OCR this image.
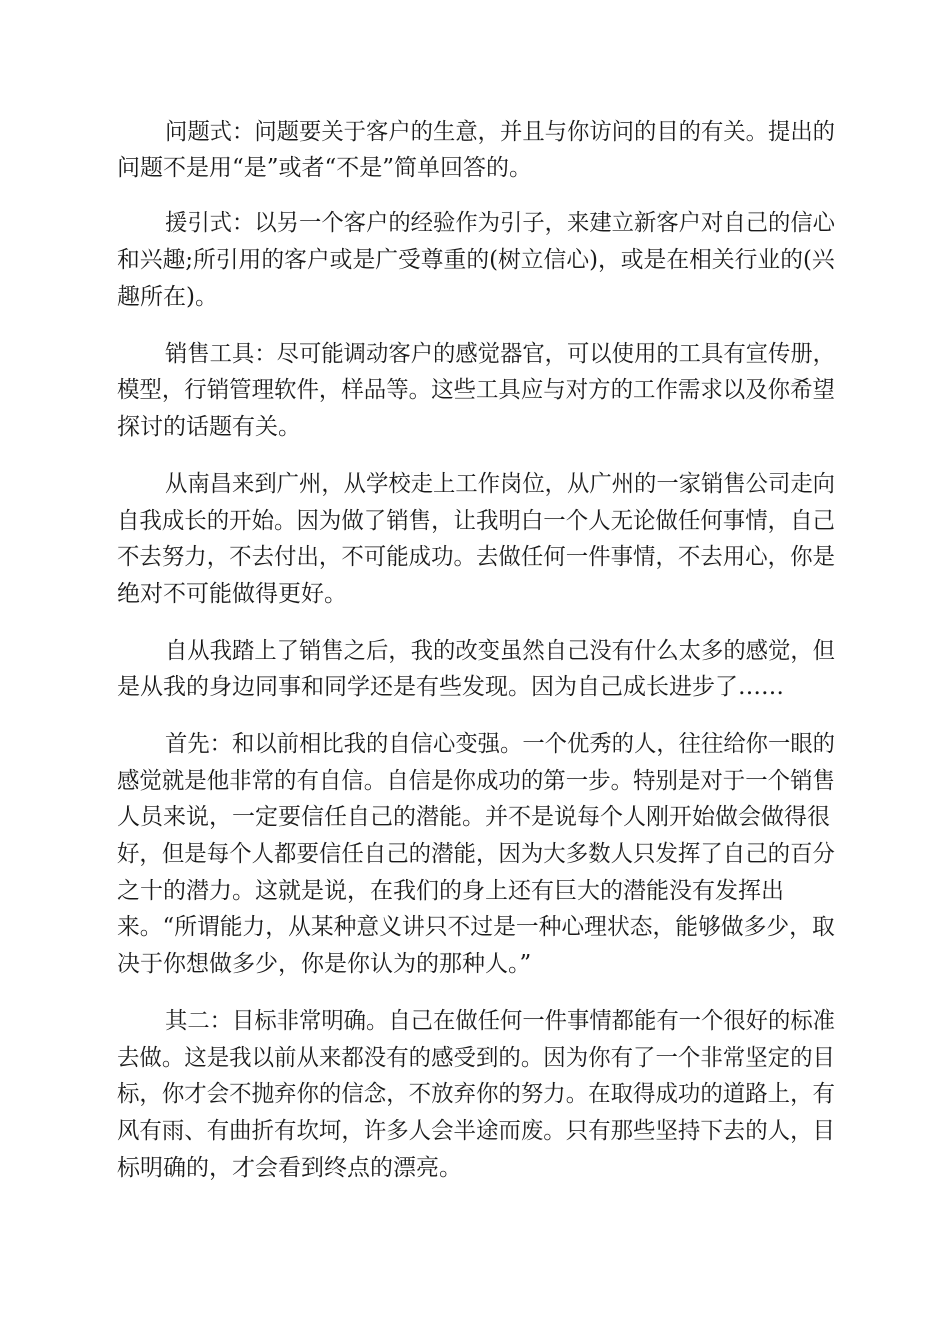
问题式：问题要关于客户的生意，并且与你访问的目的有关。提出的

问题不是用“是”或者“不是”简单回答的。

援引式：以另一个客户的经验作为引子，来建立新客户对自己的信心

和兴趣;所引用的客户或是广受尊重的(树立信心)，或是在相关行业的(兴

趣所在)。

销售工具：尽可能调动客户的感觉器官，可以使用的工具有宣传册，

模型，行销管理软件，样品等。这些工具应与对方的工作需求以及你希望

探讨的话题有关。

从南昌来到广州，从学校走上工作岗位，从广州的一家销售公司走向

自我成长的开始。因为做了销售，让我明白一个人无论做任何事情，自己

不去努力，不去付出，不可能成功。去做任何一件事情，不去用心，你是

绝对不可能做得更好。

自从我踏上了销售之后，我的改变虽然自己没有什么太多的感觉，但

是从我的身边同事和同学还是有些发现。因为自己成长进步了……

首先：和以前相比我的自信心变强。一个优秀的人，往往给你一眼的

感觉就是他非常的有自信。自信是你成功的第一步。特别是对于一个销售

人员来说，一定要信任自己的潜能。并不是说每个人刚开始做会做得很

好，但是每个人都要信任自己的潜能，因为大多数人只发挥了自己的百分

之十的潜力。这就是说，在我们的身上还有巨大的潜能没有发挥出

来。“所谓能力，从某种意义讲只不过是一种心理状态，能够做多少，取

决于你想做多少，你是你认为的那种人。”

其二：目标非常明确。自己在做任何一件事情都能有一个很好的标准

去做。这是我以前从来都没有的感受到的。因为你有了一个非常坚定的目

标，你才会不抛弃你的信念，不放弃你的努力。在取得成功的道路上，有

风有雨、有曲折有坎坷，许多人会半途而废。只有那些坚持下去的人，目

标明确的，才会看到终点的漂亮。
